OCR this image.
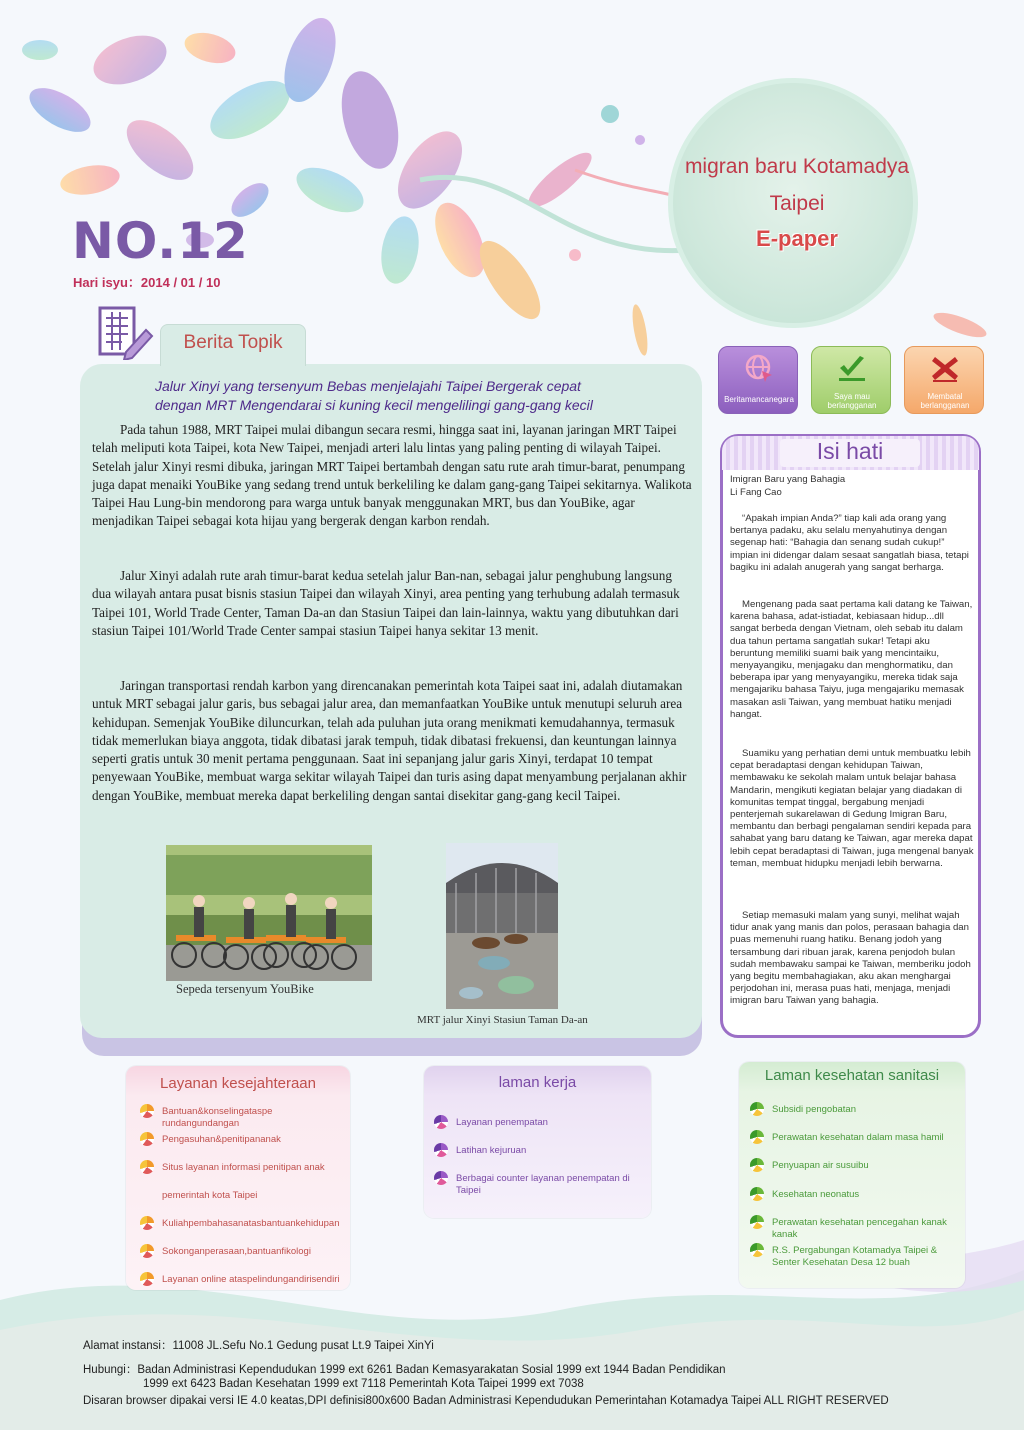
NO.12
Hari isyu：2014 / 01 / 10
migran baru Kotamadya
Taipei
E-paper
Berita Topik
Jalur Xinyi yang tersenyum Bebas menjelajahi Taipei Bergerak cepat
dengan MRT Mengendarai si kuning kecil mengelilingi gang-gang kecil

Pada tahun 1988, MRT Taipei mulai dibangun secara resmi, hingga saat ini, layanan jaringan MRT Taipei telah meliputi kota Taipei, kota New Taipei, menjadi arteri lalu lintas yang paling penting di wilayah Taipei. Setelah jalur Xinyi resmi dibuka, jaringan MRT Taipei bertambah dengan satu rute arah timur-barat, penumpang juga dapat menaiki YouBike yang sedang trend untuk berkeliling ke dalam gang-gang Taipei sekitarnya. Walikota Taipei Hau Lung-bin mendorong para warga untuk banyak menggunakan MRT, bus dan YouBike, agar menjadikan Taipei sebagai kota hijau yang bergerak dengan karbon rendah.

Jalur Xinyi adalah rute arah timur-barat kedua setelah jalur Ban-nan, sebagai jalur penghubung langsung dua wilayah antara pusat bisnis stasiun Taipei dan wilayah Xinyi, area penting yang terhubung adalah termasuk Taipei 101, World Trade Center, Taman Da-an dan Stasiun Taipei dan lain-lainnya, waktu yang dibutuhkan dari stasiun Taipei 101/World Trade Center sampai stasiun Taipei hanya sekitar 13 menit.

Jaringan transportasi rendah karbon yang direncanakan pemerintah kota Taipei saat ini, adalah diutamakan untuk MRT sebagai jalur garis, bus sebagai jalur area, dan memanfaatkan YouBike untuk menutupi seluruh area kehidupan. Semenjak YouBike diluncurkan, telah ada puluhan juta orang menikmati kemudahannya, termasuk tidak memerlukan biaya anggota, tidak dibatasi jarak tempuh, tidak dibatasi frekuensi, dan keuntungan lainnya seperti gratis untuk 30 menit pertama penggunaan. Saat ini sepanjang jalur garis Xinyi, terdapat 10 tempat penyewaan YouBike, membuat warga sekitar wilayah Taipei dan turis asing dapat menyambung perjalanan akhir dengan YouBike, membuat mereka dapat berkeliling dengan santai disekitar gang-gang kecil Taipei.

Sepeda tersenyum YouBike
MRT jalur Xinyi Stasiun Taman Da-an
Beritamancanegara	Saya mau
berlangganan
Membatal
berlangganan
Isi hati
Imigran Baru yang Bahagia
Li Fang Cao

“Apakah impian Anda?” tiap kali ada orang yang bertanya padaku, aku selalu menyahutinya dengan segenap hati: “Bahagia dan senang sudah cukup!” impian ini didengar dalam sesaat sangatlah biasa, tetapi bagiku ini adalah anugerah yang sangat berharga.

Mengenang pada saat pertama kali datang ke Taiwan, karena bahasa, adat-istiadat, kebiasaan hidup...dll sangat berbeda dengan Vietnam, oleh sebab itu dalam dua tahun pertama sangatlah sukar! Tetapi aku beruntung memiliki suami baik yang mencintaiku, menyayangiku, menjagaku dan menghormatiku, dan beberapa ipar yang menyayangiku, mereka tidak saja mengajariku bahasa Taiyu, juga mengajariku memasak masakan asli Taiwan, yang membuat hatiku menjadi hangat.

Suamiku yang perhatian demi untuk membuatku lebih cepat beradaptasi dengan kehidupan Taiwan, membawaku ke sekolah malam untuk belajar bahasa Mandarin, mengikuti kegiatan belajar yang diadakan di komunitas tempat tinggal, bergabung menjadi penterjemah sukarelawan di Gedung Imigran Baru, membantu dan berbagi pengalaman sendiri kepada para sahabat yang baru datang ke Taiwan, agar mereka dapat lebih cepat beradaptasi di Taiwan, juga mengenal banyak teman, membuat hidupku menjadi lebih berwarna.

Setiap memasuki malam yang sunyi, melihat wajah tidur anak yang manis dan polos, perasaan bahagia dan puas memenuhi ruang hatiku. Benang jodoh yang tersambung dari ribuan jarak, karena penjodoh bulan sudah membawaku sampai ke Taiwan, memberiku jodoh yang begitu membahagiakan, aku akan menghargai perjodohan ini, merasa puas hati, menjaga, menjadi imigran baru Taiwan yang bahagia.

Bantuan&konselingataspe rundangundangan
Pengasuhan&penitipananak
Situs layanan informasi penitipan anak
pemerintah kota Taipei
Kuliahpembahasanatasbantuankehidupan
Sokonganperasaan,bantuanfikologi
Layanan online ataspelindungandirisendiri
Layanan kesejahteraan
Layanan penempatan
Latihan kejuruan
Berbagai counter layanan penempatan di Taipei
laman kerja
Subsidi pengobatan
Perawatan kesehatan dalam masa hamil
Penyuapan air susuibu
Kesehatan neonatus
Perawatan kesehatan pencegahan kanak kanak
R.S. Pergabungan Kotamadya Taipei &
Senter Kesehatan Desa 12 buah
Laman kesehatan sanitasi
Alamat instansi：11008 JL.Sefu No.1 Gedung pusat Lt.9 Taipei XinYi
Hubungi：Badan Administrasi Kependudukan 1999 ext 6261 Badan Kemasyarakatan Sosial 1999 ext 1944 Badan Pendidikan
1999 ext 6423 Badan Kesehatan 1999 ext 7118 Pemerintah Kota Taipei 1999 ext 7038
Disaran browser dipakai versi IE 4.0 keatas,DPI definisi800x600 Badan Administrasi Kependudukan Pemerintahan Kotamadya Taipei ALL RIGHT RESERVED
